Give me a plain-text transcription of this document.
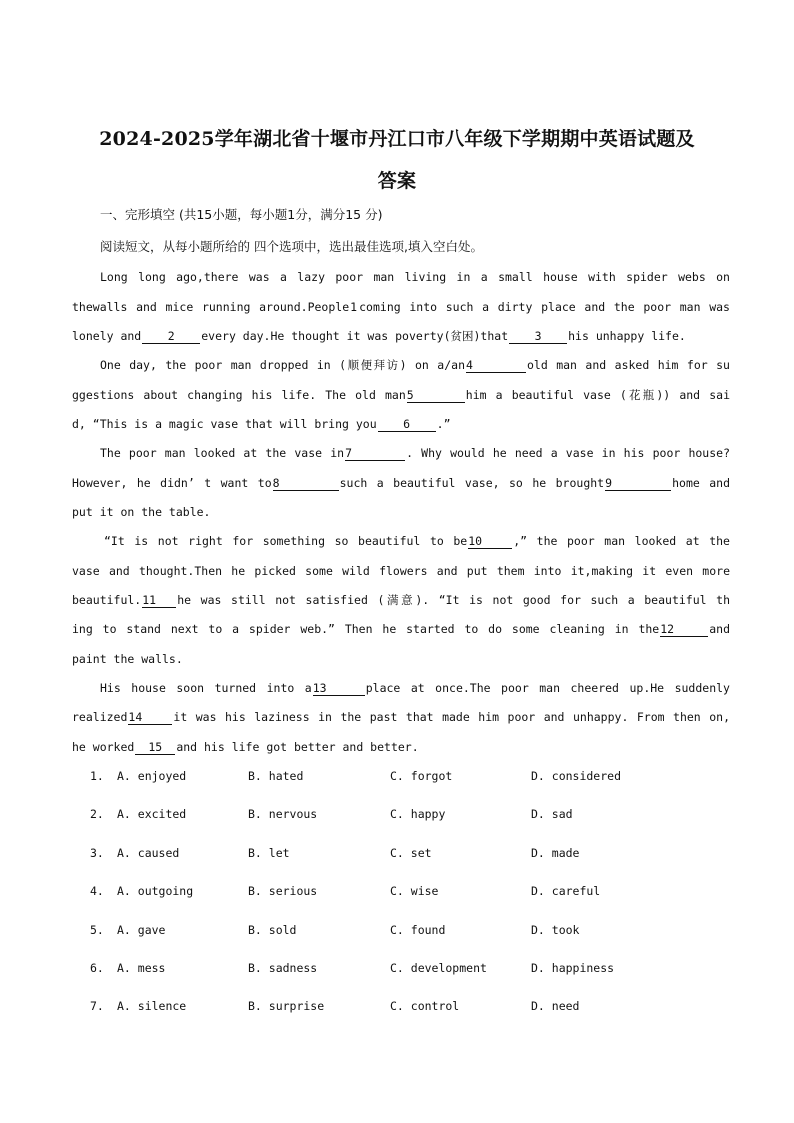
2024-2025学年湖北省十堰市丹江口市八年级下学期期中英语试题及
答案
一、完形填空 (共15小题，每小题1分，满分15 分)
阅读短文，从每小题所给的 四个选项中，选出最佳选项,填入空白处。
Long long ago,there was a lazy poor man living in a small house with spider webs on
thewalls and mice running around.People1 coming into such a dirty place and the poor man was
lonely and 2 every day.He thought it was poverty(贫困)that 3 his unhappy life.
One day, the poor man dropped in (顺便拜访) on a/an4	old man and asked him for su
ggestions about changing his life. The old man5	him a beautiful vase (花瓶)) and sai
d, “This is a magic vase that will bring you 6 .”
The poor man looked at the vase in7	. Why would he need a vase in his poor house?
However, he didn’ t want to8	such a beautiful vase, so he brought9	home and
put it on the table.
“It is not right for something so beautiful to be10	,” the poor man looked at the
vase and thought.Then he picked some wild flowers and put them into it,making it even more
beautiful.11 he was still not satisfied (满意). “It is not good for such a beautiful th
ing to stand next to a spider web.” Then he started to do some cleaning in the12	and
paint the walls.
His house soon turned into a13	place at once.The poor man cheered up.He suddenly
realized14	it was his laziness in the past that made him poor and unhappy. From then on,
he worked 15 and his life got better and better.
1. A. enjoyed	B. hated	C. forgot	D. considered
2. A. excited	B. nervous	C. happy	D. sad
3. A. caused	B. let	C. set	D. made
4. A. outgoing	B. serious	C. wise	D. careful
5. A. gave	B. sold	C. found	D. took
6. A. mess	B. sadness	C. development	D. happiness
7. A. silence	B. surprise	C. control	D. need
